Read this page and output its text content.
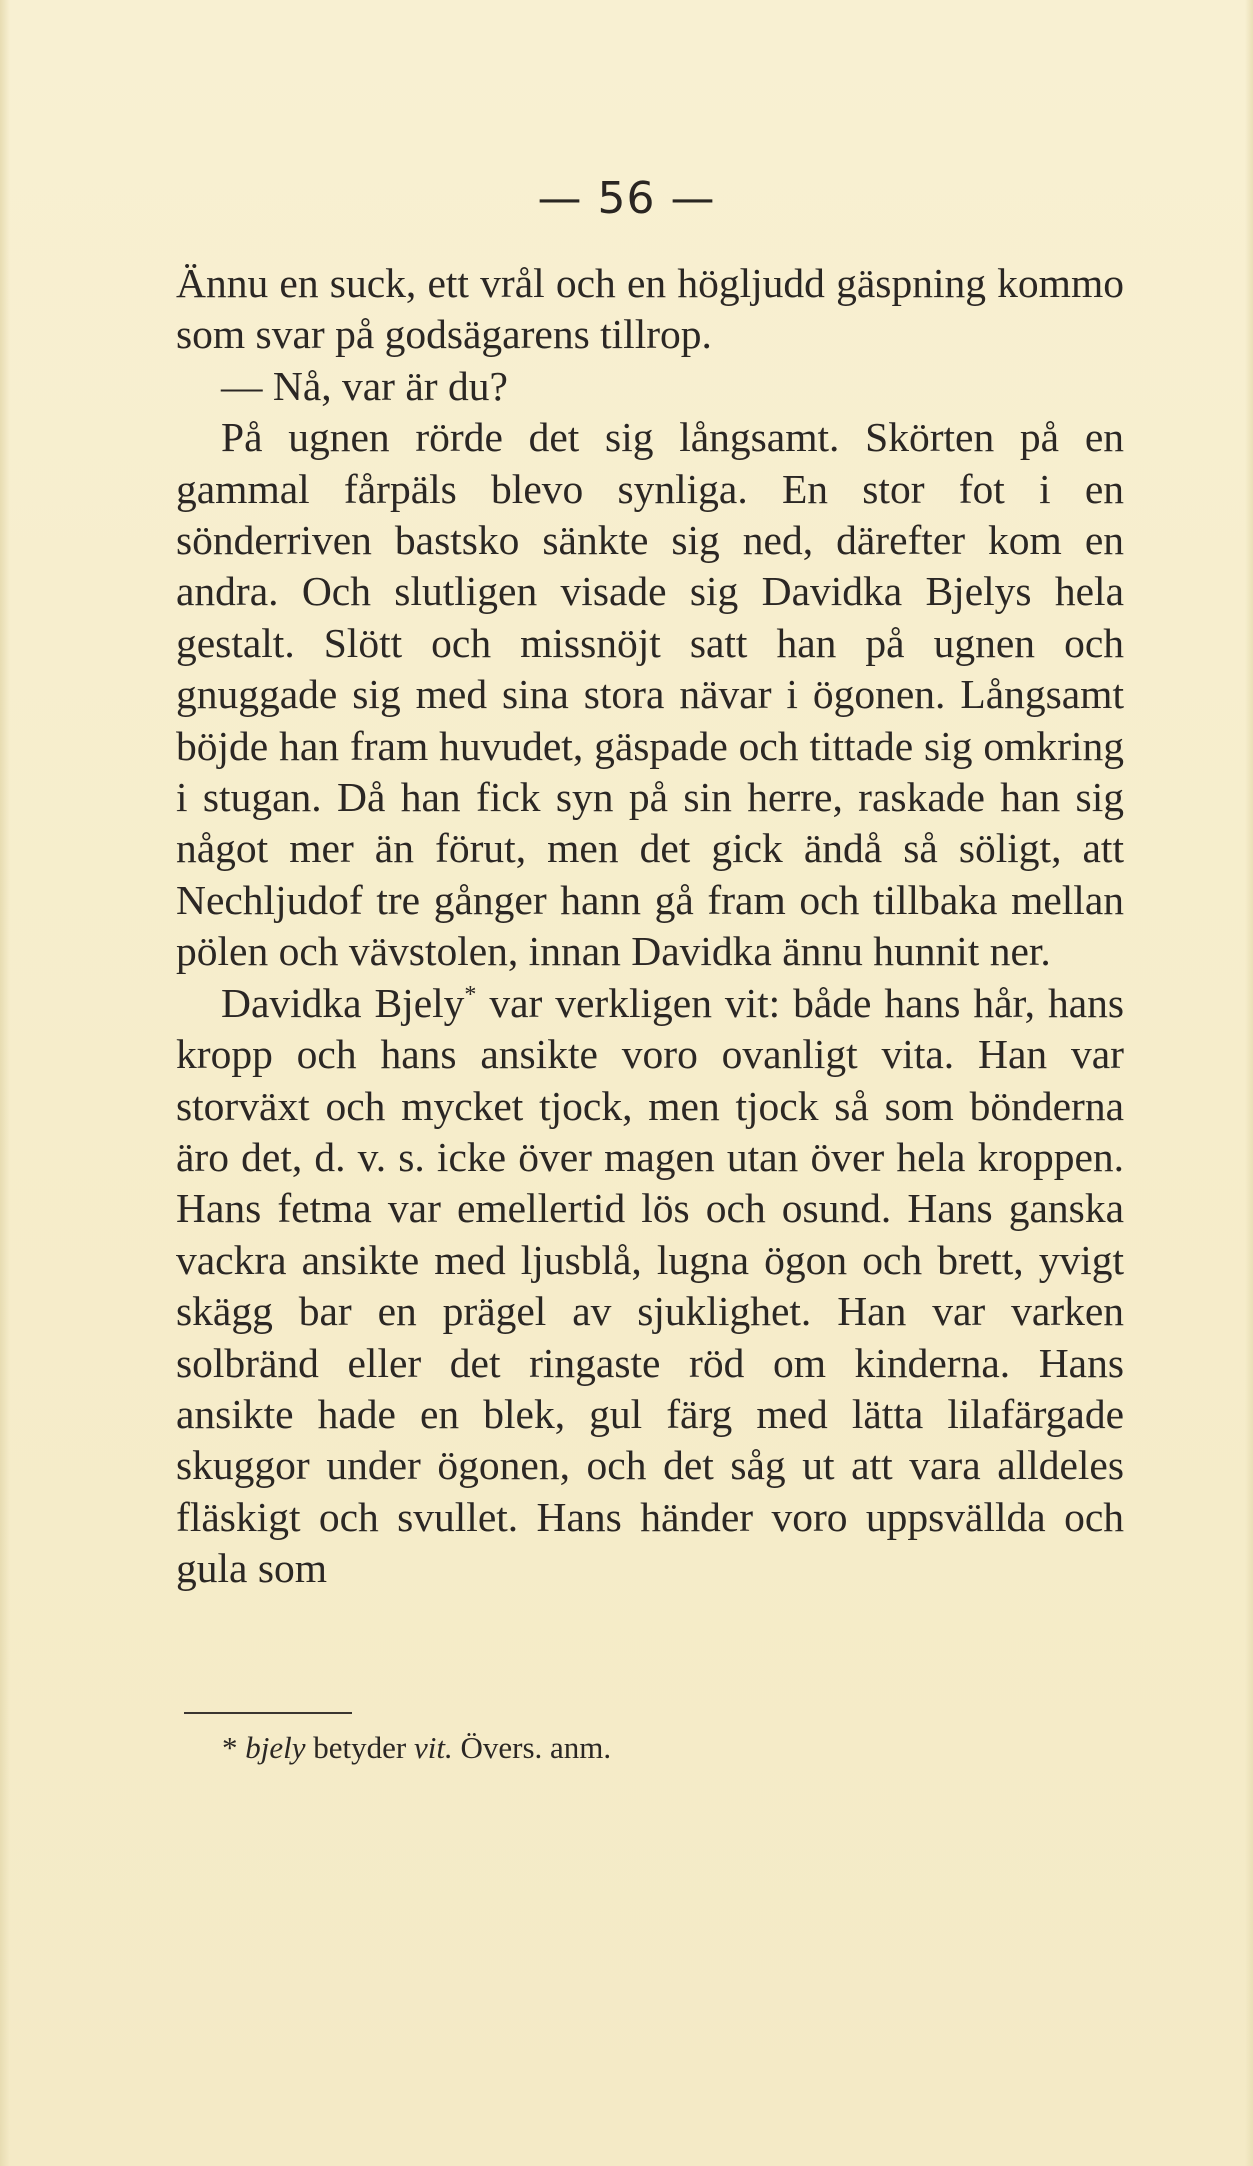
— 56 —

Ännu en suck, ett vrål och en högljudd gäspning kommo som svar på godsägarens tillrop.

— Nå, var är du?

På ugnen rörde det sig långsamt. Skörten på en gammal fårpäls blevo synliga. En stor fot i en sönderriven bastsko sänkte sig ned, därefter kom en andra. Och slutligen visade sig Davidka Bjelys hela gestalt. Slött och missnöjt satt han på ugnen och gnuggade sig med sina stora nävar i ögonen. Långsamt böjde han fram huvudet, gäspade och tittade sig omkring i stugan. Då han fick syn på sin herre, raskade han sig något mer än förut, men det gick ändå så söligt, att Nechljudof tre gånger hann gå fram och tillbaka mellan pölen och vävstolen, innan Davidka ännu hunnit ner.

Davidka Bjely* var verkligen vit: både hans hår, hans kropp och hans ansikte voro ovanligt vita. Han var storväxt och mycket tjock, men tjock så som bönderna äro det, d. v. s. icke över magen utan över hela kroppen. Hans fetma var emellertid lös och osund. Hans ganska vackra ansikte med ljusblå, lugna ögon och brett, yvigt skägg bar en prägel av sjuklighet. Han var varken solbränd eller det ringaste röd om kinderna. Hans ansikte hade en blek, gul färg med lätta lilafärgade skuggor under ögonen, och det såg ut att vara alldeles fläskigt och svullet. Hans händer voro uppsvällda och gula som

* bjely betyder vit. Övers. anm.
